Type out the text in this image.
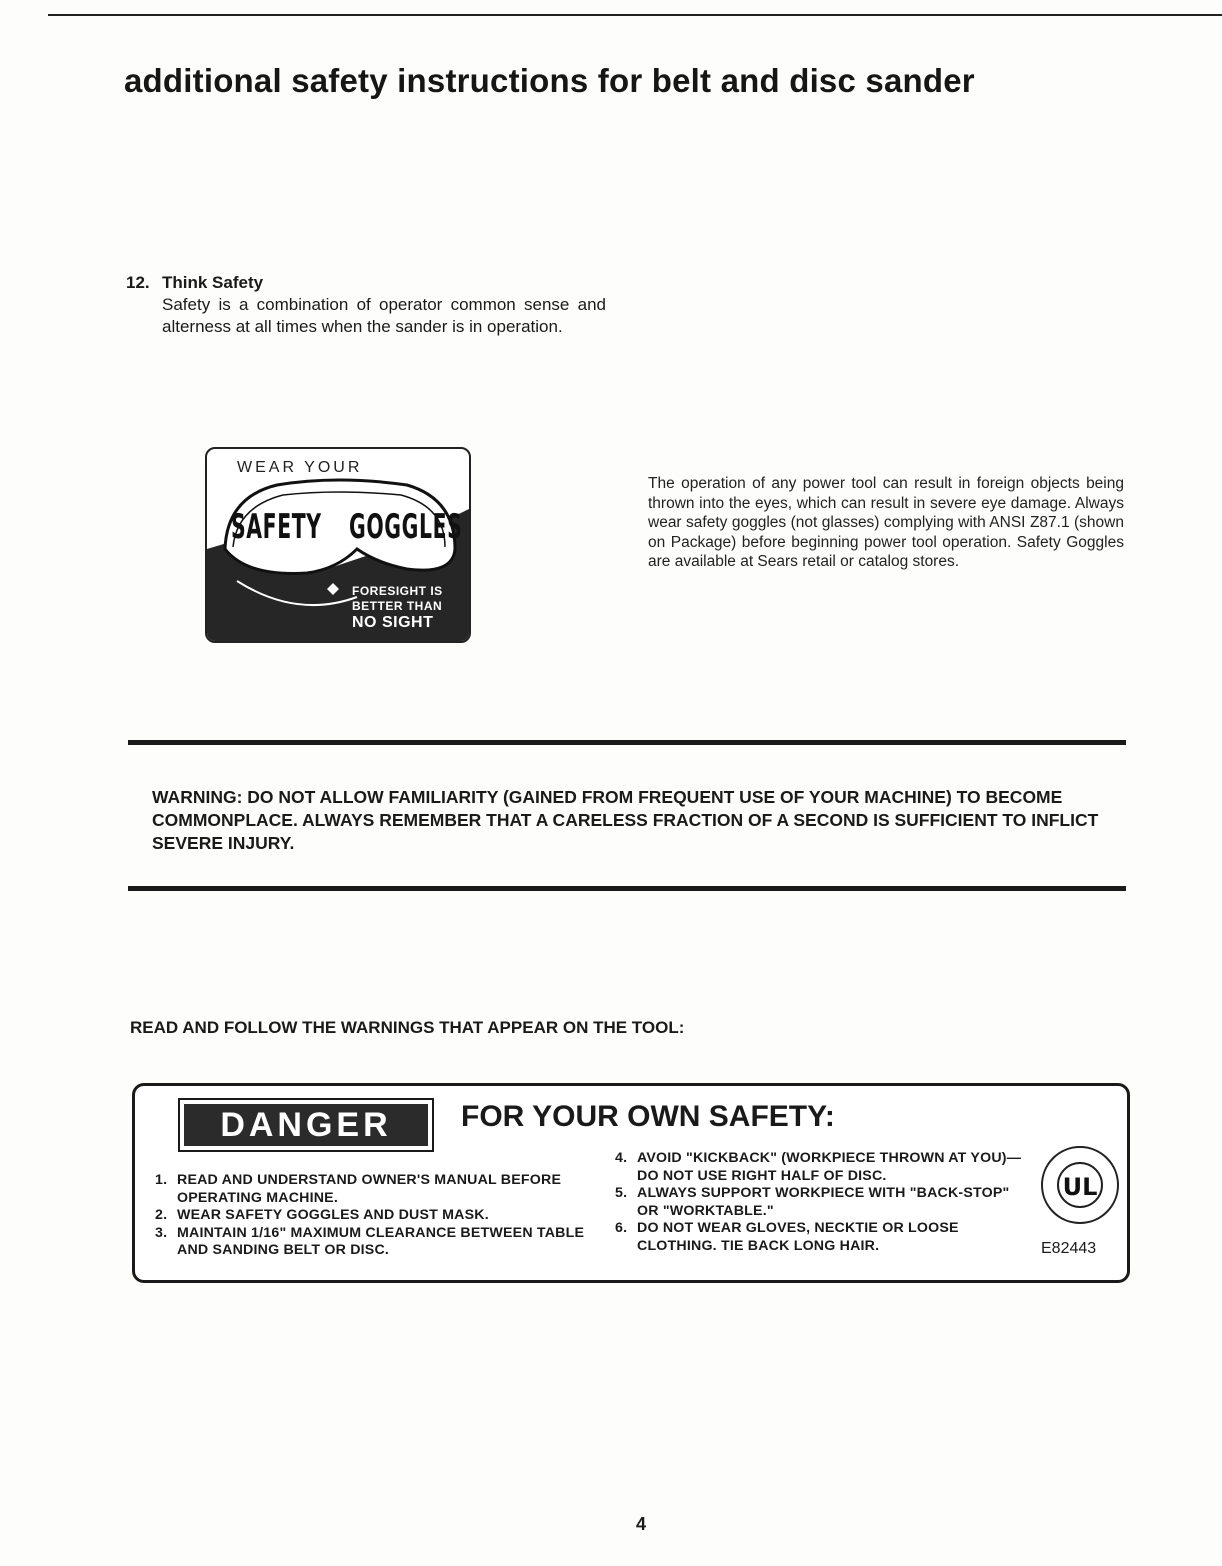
additional safety instructions for belt and disc sander
12. Think Safety
Safety is a combination of operator common sense and alterness at all times when the sander is in operation.
WEAR YOUR
SAFETY GOGGLES
FORESIGHT IS
BETTER THAN
NO SIGHT
The operation of any power tool can result in foreign objects being thrown into the eyes, which can result in severe eye damage. Always wear safety goggles (not glasses) complying with ANSI Z87.1 (shown on Package) before beginning power tool operation. Safety Goggles are available at Sears retail or catalog stores.
WARNING: DO NOT ALLOW FAMILIARITY (GAINED FROM FREQUENT USE OF YOUR MACHINE) TO BECOME COMMONPLACE. ALWAYS REMEMBER THAT A CARELESS FRACTION OF A SECOND IS SUFFICIENT TO INFLICT SEVERE INJURY.
READ AND FOLLOW THE WARNINGS THAT APPEAR ON THE TOOL:
DANGER	FOR YOUR OWN SAFETY:
1. READ AND UNDERSTAND OWNER'S MANUAL BEFORE OPERATING MACHINE.
2. WEAR SAFETY GOGGLES AND DUST MASK.
3. MAINTAIN 1/16" MAXIMUM CLEARANCE BETWEEN TABLE AND SANDING BELT OR DISC.
4. AVOID "KICKBACK" (WORKPIECE THROWN AT YOU)—DO NOT USE RIGHT HALF OF DISC.
5. ALWAYS SUPPORT WORKPIECE WITH "BACK-STOP" OR "WORKTABLE."
6. DO NOT WEAR GLOVES, NECKTIE OR LOOSE CLOTHING. TIE BACK LONG HAIR.
UL
E82443
4
